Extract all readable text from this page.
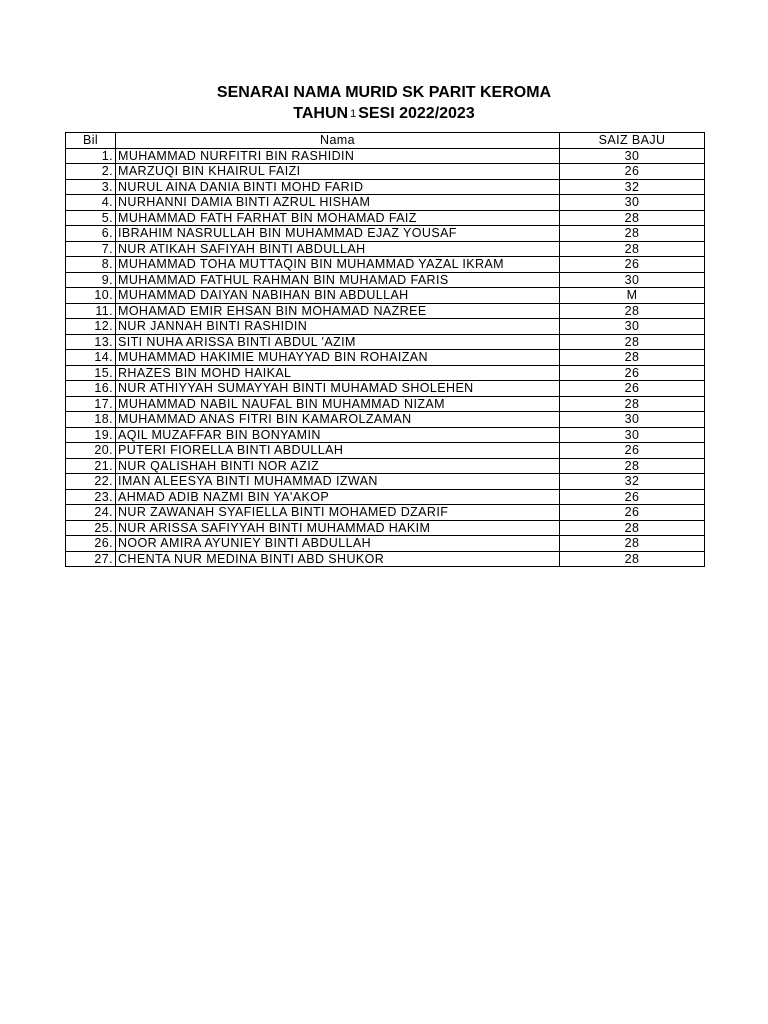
SENARAI NAMA MURID SK PARIT KEROMA
TAHUN 1 SESI 2022/2023
Bil	Nama	SAIZ BAJU
1.	MUHAMMAD NURFITRI BIN RASHIDIN	30
2.	MARZUQI BIN KHAIRUL FAIZI	26
3.	NURUL AINA DANIA BINTI MOHD FARID	32
4.	NURHANNI DAMIA BINTI AZRUL HISHAM	30
5.	MUHAMMAD FATH FARHAT BIN MOHAMAD FAIZ	28
6.	IBRAHIM NASRULLAH BIN MUHAMMAD EJAZ YOUSAF	28
7.	NUR ATIKAH SAFIYAH BINTI ABDULLAH	28
8.	MUHAMMAD TOHA MUTTAQIN BIN MUHAMMAD YAZAL IKRAM	26
9.	MUHAMMAD FATHUL RAHMAN BIN MUHAMAD FARIS	30
10.	MUHAMMAD DAIYAN NABIHAN BIN ABDULLAH	M
11.	MOHAMAD EMIR EHSAN BIN MOHAMAD NAZREE	28
12.	NUR JANNAH BINTI RASHIDIN	30
13.	SITI NUHA ARISSA BINTI ABDUL 'AZIM	28
14.	MUHAMMAD HAKIMIE MUHAYYAD BIN ROHAIZAN	28
15.	RHAZES BIN MOHD HAIKAL	26
16.	NUR ATHIYYAH SUMAYYAH BINTI MUHAMAD SHOLEHEN	26
17.	MUHAMMAD NABIL NAUFAL BIN MUHAMMAD NIZAM	28
18.	MUHAMMAD ANAS FITRI BIN KAMAROLZAMAN	30
19.	AQIL MUZAFFAR BIN BONYAMIN	30
20.	PUTERI FIORELLA BINTI ABDULLAH	26
21.	NUR QALISHAH BINTI NOR AZIZ	28
22.	IMAN ALEESYA BINTI MUHAMMAD IZWAN	32
23.	AHMAD ADIB NAZMI BIN YA'AKOP	26
24.	NUR ZAWANAH SYAFIELLA BINTI MOHAMED DZARIF	26
25.	NUR ARISSA SAFIYYAH BINTI MUHAMMAD HAKIM	28
26.	NOOR AMIRA AYUNIEY BINTI ABDULLAH	28
27.	CHENTA NUR MEDINA BINTI ABD SHUKOR	28
